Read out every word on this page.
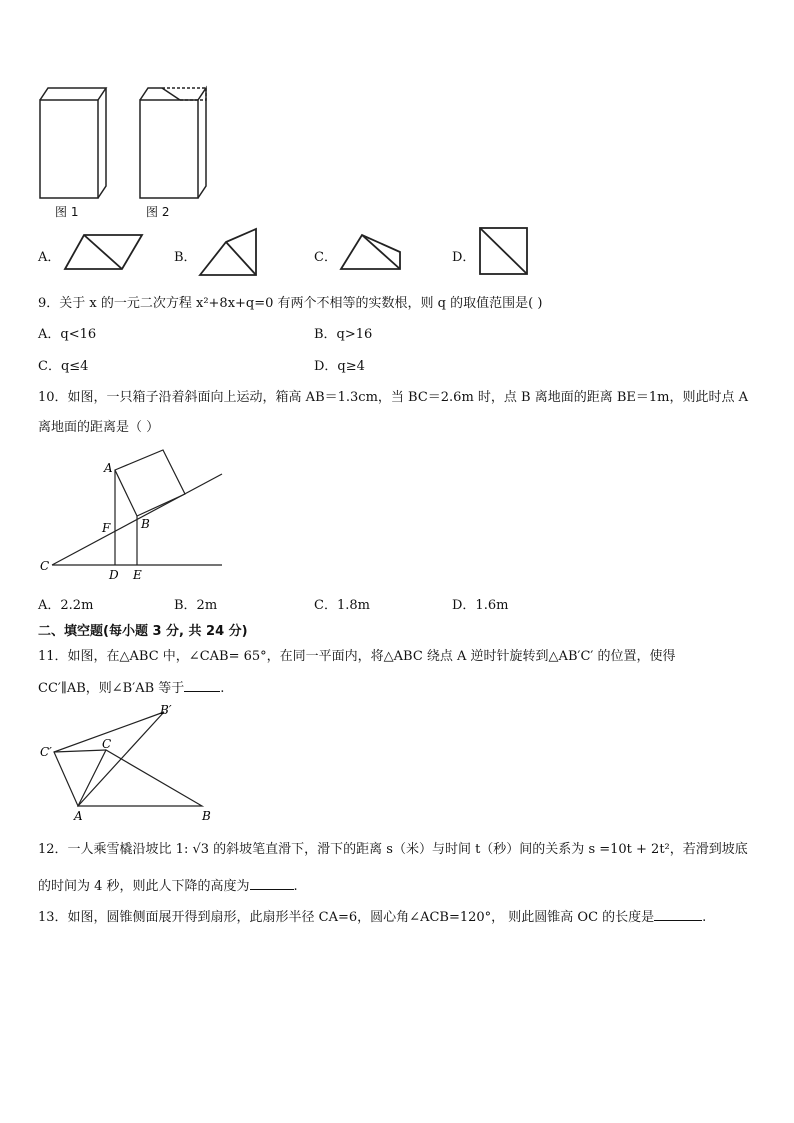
图 1	图 2
A．	B．	C．	D．
9．关于 x 的一元二次方程 x²+8x+q=0 有两个不相等的实数根，则 q 的取值范围是( )
A．q<16	B．q>16
C．q≤4	D．q≥4
10．如图，一只箱子沿着斜面向上运动，箱高 AB＝1.3cm，当 BC＝2.6m 时，点 B 离地面的距离 BE＝1m，则此时点 A
离地面的距离是（ ）
A
F	B
C
D E
A．2.2m	B．2m	C．1.8m	D．1.6m
二、填空题(每小题 3 分, 共 24 分)
11．如图，在△ABC 中，∠CAB= 65°，在同一平面内，将△ABC 绕点 A 逆时针旋转到△AB′C′ 的位置，使得
CC′∥AB，则∠B′AB 等于	.
B′
C′
C
A	B
12．一人乘雪橇沿坡比 1: √3 的斜坡笔直滑下，滑下的距离 s（米）与时间 t（秒）间的关系为 s =10t + 2t²，若滑到坡底
的时间为 4 秒，则此人下降的高度为	.
13．如图，圆锥侧面展开得到扇形，此扇形半径 CA=6，圆心角∠ACB=120°， 则此圆锥高 OC 的长度是	.
